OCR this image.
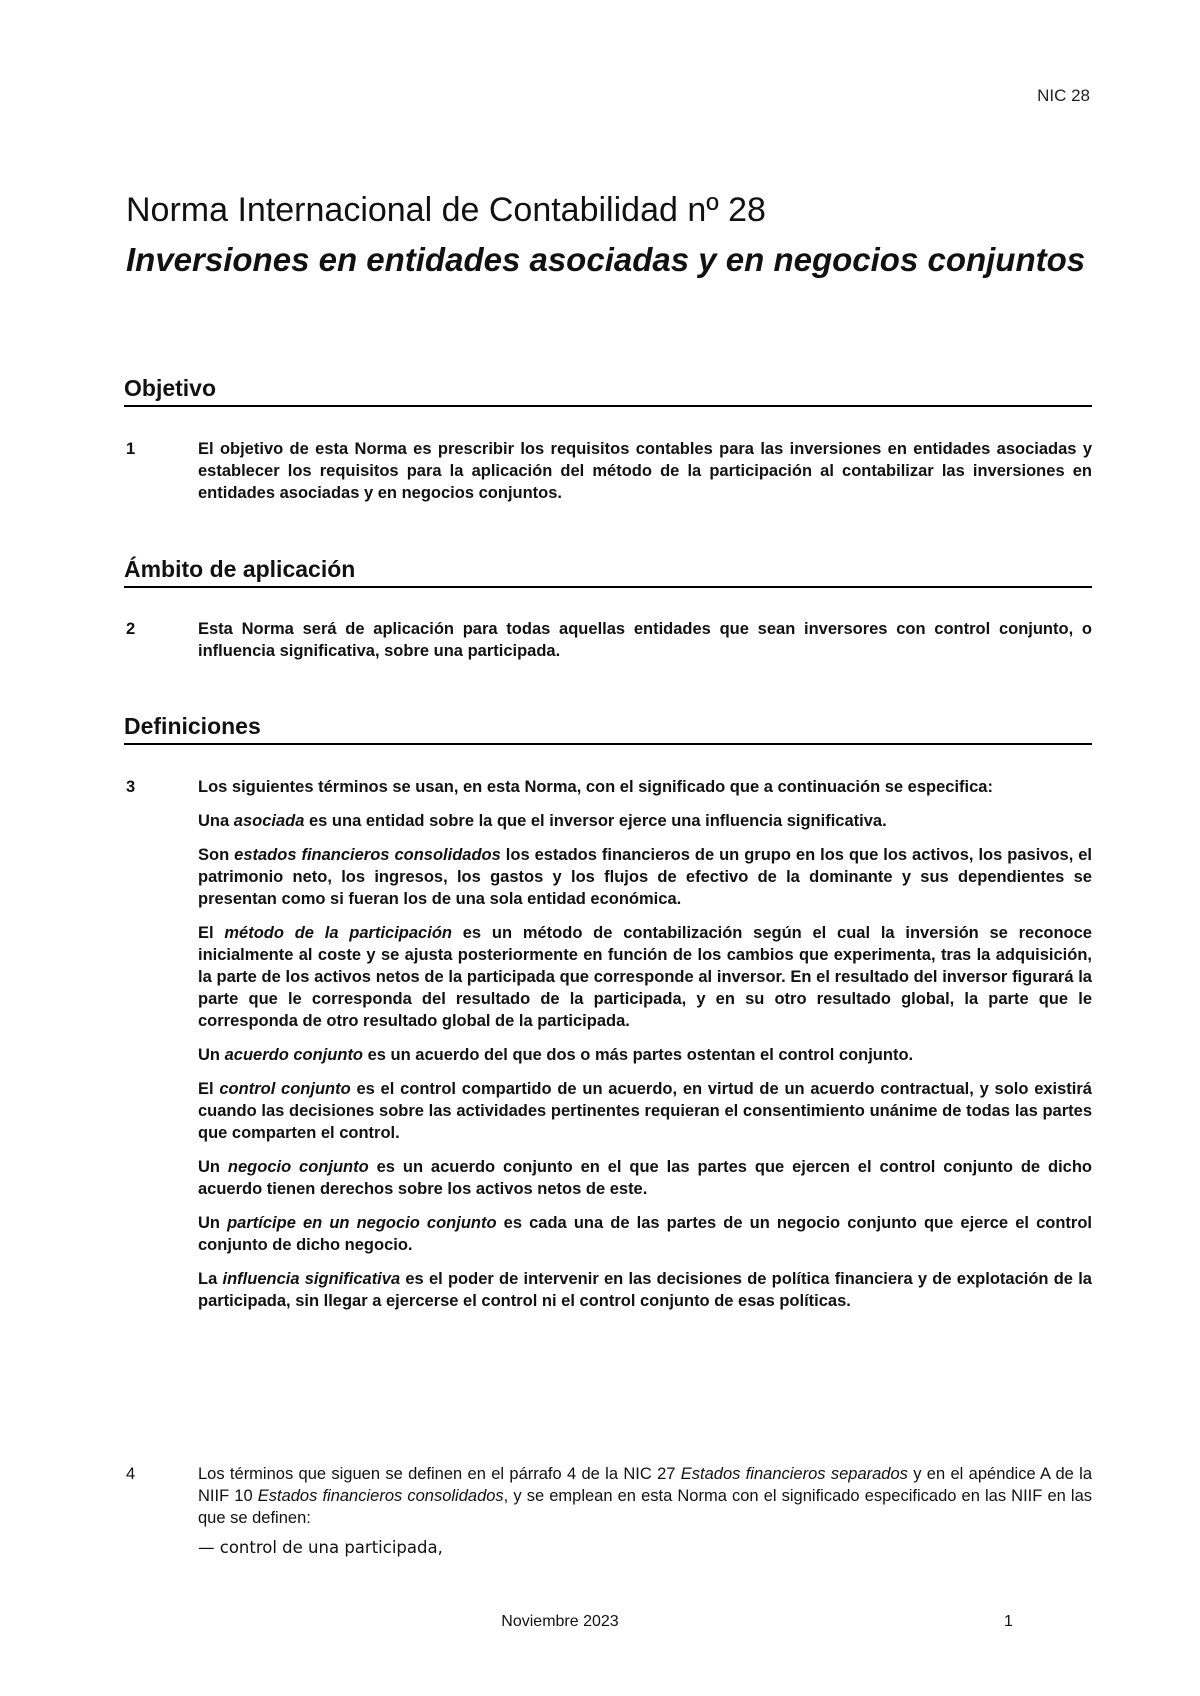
NIC 28
Norma Internacional de Contabilidad nº 28
Inversiones en entidades asociadas y en negocios conjuntos
Objetivo
1	El objetivo de esta Norma es prescribir los requisitos contables para las inversiones en entidades asociadas y establecer los requisitos para la aplicación del método de la participación al contabilizar las inversiones en entidades asociadas y en negocios conjuntos.
Ámbito de aplicación
2	Esta Norma será de aplicación para todas aquellas entidades que sean inversores con control conjunto, o influencia significativa, sobre una participada.
Definiciones
3	Los siguientes términos se usan, en esta Norma, con el significado que a continuación se especifica:

Una asociada es una entidad sobre la que el inversor ejerce una influencia significativa.

Son estados financieros consolidados los estados financieros de un grupo en los que los activos, los pasivos, el patrimonio neto, los ingresos, los gastos y los flujos de efectivo de la dominante y sus dependientes se presentan como si fueran los de una sola entidad económica.

El método de la participación es un método de contabilización según el cual la inversión se reconoce inicialmente al coste y se ajusta posteriormente en función de los cambios que experimenta, tras la adquisición, la parte de los activos netos de la participada que corresponde al inversor. En el resultado del inversor figurará la parte que le corresponda del resultado de la participada, y en su otro resultado global, la parte que le corresponda de otro resultado global de la participada.

Un acuerdo conjunto es un acuerdo del que dos o más partes ostentan el control conjunto.

El control conjunto es el control compartido de un acuerdo, en virtud de un acuerdo contractual, y solo existirá cuando las decisiones sobre las actividades pertinentes requieran el consentimiento unánime de todas las partes que comparten el control.

Un negocio conjunto es un acuerdo conjunto en el que las partes que ejercen el control conjunto de dicho acuerdo tienen derechos sobre los activos netos de este.

Un partícipe en un negocio conjunto es cada una de las partes de un negocio conjunto que ejerce el control conjunto de dicho negocio.

La influencia significativa es el poder de intervenir en las decisiones de política financiera y de explotación de la participada, sin llegar a ejercerse el control ni el control conjunto de esas políticas.

4	Los términos que siguen se definen en el párrafo 4 de la NIC 27 Estados financieros separados y en el apéndice A de la NIIF 10 Estados financieros consolidados, y se emplean en esta Norma con el significado especificado en las NIIF en las que se definen:
— control de una participada,
Noviembre 2023	1
